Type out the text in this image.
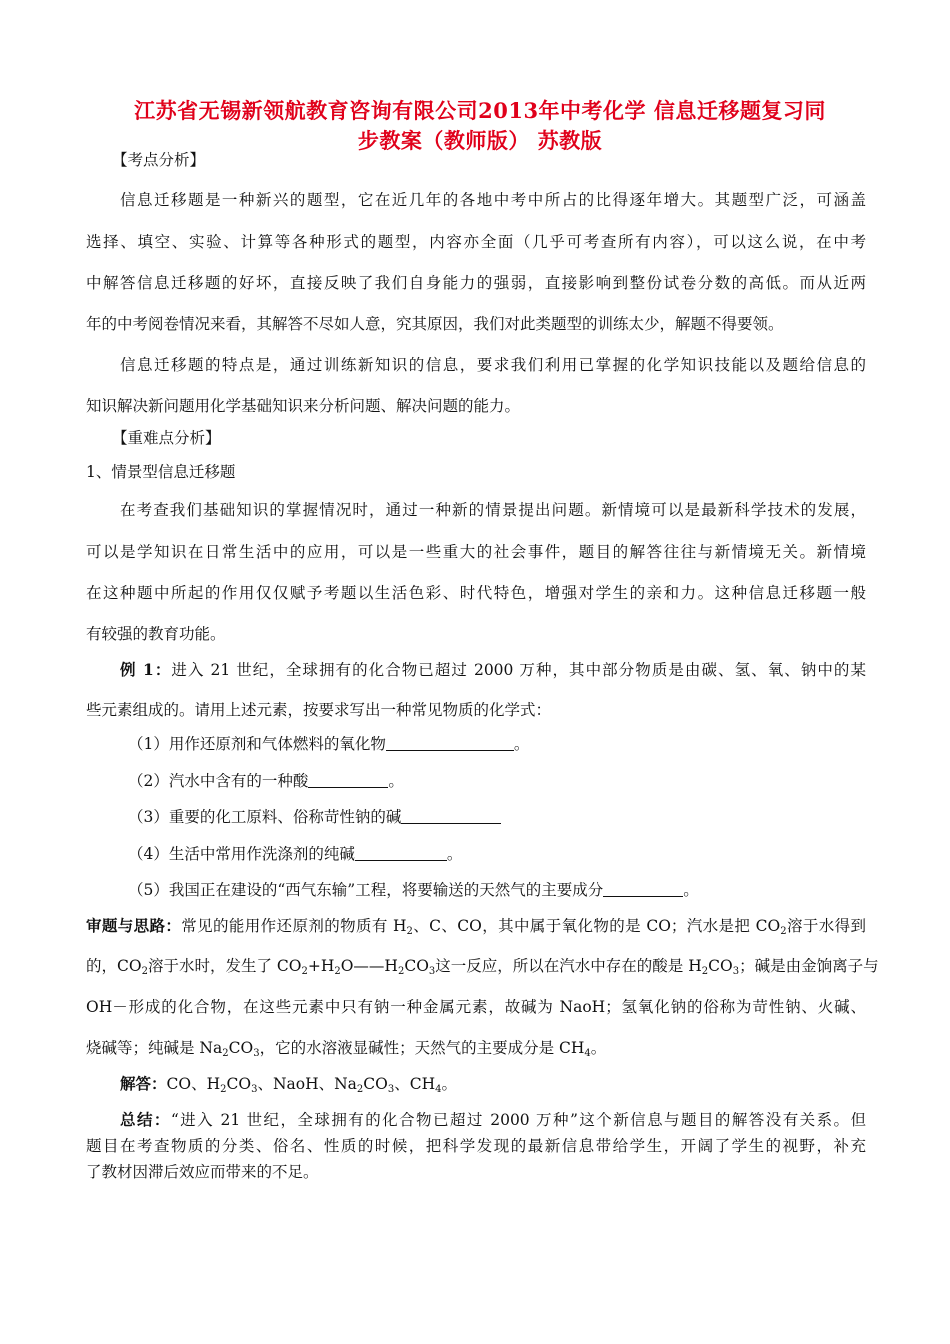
江苏省无锡新领航教育咨询有限公司2013年中考化学 信息迁移题复习同
步教案（教师版） 苏教版
【考点分析】
信息迁移题是一种新兴的题型，它在近几年的各地中考中所占的比得逐年增大。其题型广泛，可涵盖
选择、填空、实验、计算等各种形式的题型，内容亦全面（几乎可考查所有内容），可以这么说，在中考
中解答信息迁移题的好坏，直接反映了我们自身能力的强弱，直接影响到整份试卷分数的高低。而从近两
年的中考阅卷情况来看，其解答不尽如人意，究其原因，我们对此类题型的训练太少，解题不得要领。
信息迁移题的特点是，通过训练新知识的信息，要求我们利用已掌握的化学知识技能以及题给信息的
知识解决新问题用化学基础知识来分析问题、解决问题的能力。
【重难点分析】
1、情景型信息迁移题
在考查我们基础知识的掌握情况时，通过一种新的情景提出问题。新情境可以是最新科学技术的发展，
可以是学知识在日常生活中的应用，可以是一些重大的社会事件，题目的解答往往与新情境无关。新情境
在这种题中所起的作用仅仅赋予考题以生活色彩、时代特色，增强对学生的亲和力。这种信息迁移题一般
有较强的教育功能。
例 1：进入 21 世纪，全球拥有的化合物已超过 2000 万种，其中部分物质是由碳、氢、氧、钠中的某
些元素组成的。请用上述元素，按要求写出一种常见物质的化学式：
（1）用作还原剂和气体燃料的氧化物	。
（2）汽水中含有的一种酸	。
（3）重要的化工原料、俗称苛性钠的碱
（4）生活中常用作洗涤剂的纯碱	。
（5）我国正在建设的“西气东输”工程，将要输送的天然气的主要成分	。
审题与思路：常见的能用作还原剂的物质有 $H_2$、C、CO，其中属于氧化物的是 CO；汽水是把 $CO_2$溶于水得到
的，$CO_2$溶于水时，发生了 $CO_2+H_2O——H_2CO_3$这一反应，所以在汽水中存在的酸是 $H_2CO_3$；碱是由金饷离子与
OH－形成的化合物，在这些元素中只有钠一种金属元素，故碱为 NaoH；氢氧化钠的俗称为苛性钠、火碱、
烧碱等；纯碱是 $Na_2CO_3$，它的水溶液显碱性；天然气的主要成分是 $CH_4$。
解答：CO、$H_2CO_3$、NaoH、$Na_2CO_3$、$CH_4$。
总结：“进入 21 世纪，全球拥有的化合物已超过 2000 万种”这个新信息与题目的解答没有关系。但
题目在考查物质的分类、俗名、性质的时候，把科学发现的最新信息带给学生，开阔了学生的视野，补充
了教材因滞后效应而带来的不足。
